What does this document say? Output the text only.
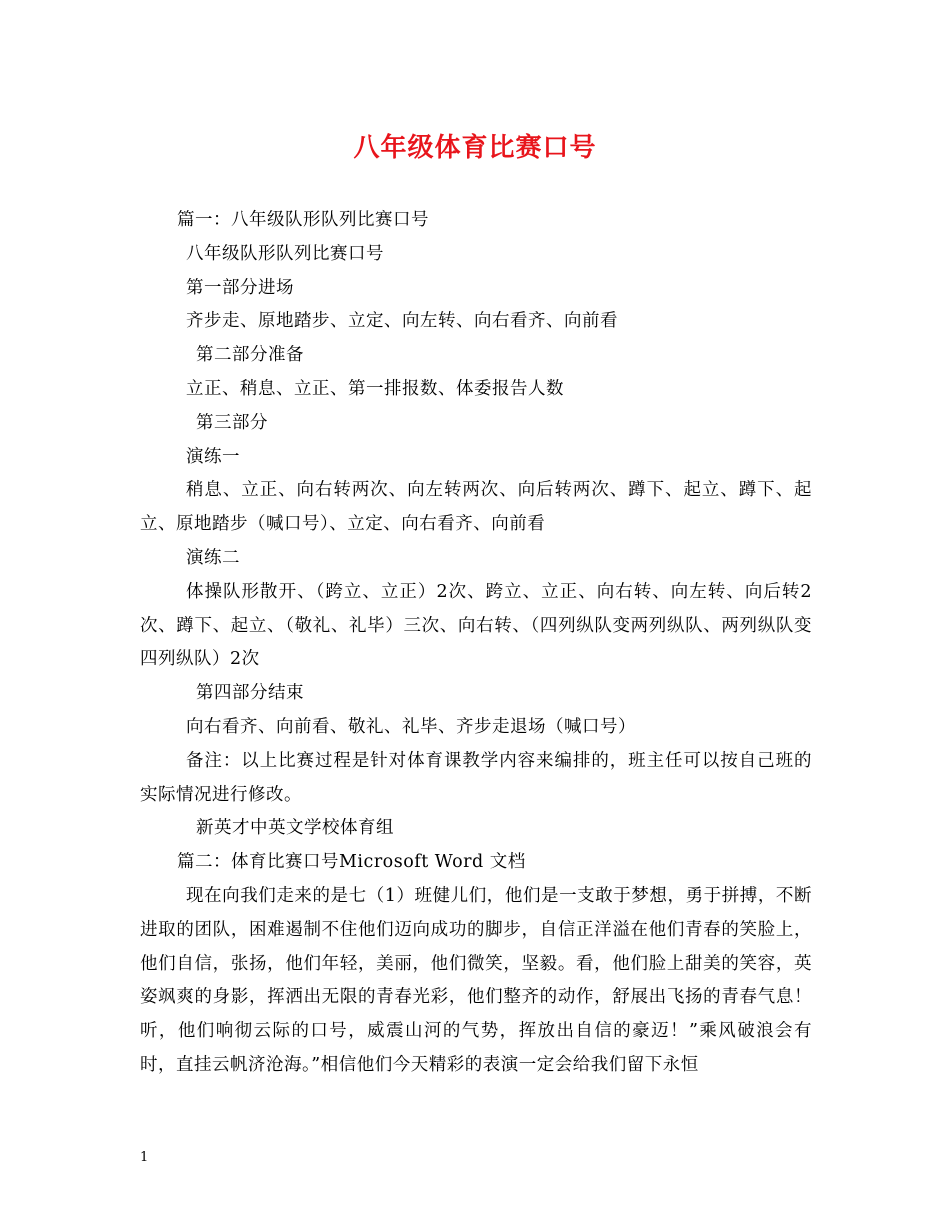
八年级体育比赛口号

篇一：八年级队形队列比赛口号

八年级队形队列比赛口号

第一部分进场

齐步走、原地踏步、立定、向左转、向右看齐、向前看

第二部分准备

立正、稍息、立正、第一排报数、体委报告人数

第三部分

演练一

稍息、立正、向右转两次、向左转两次、向后转两次、蹲下、起立、蹲下、起立、原地踏步（喊口号）、立定、向右看齐、向前看

演练二

体操队形散开、（跨立、立正）2次、跨立、立正、向右转、向左转、向后转2次、蹲下、起立、（敬礼、礼毕）三次、向右转、（四列纵队变两列纵队、两列纵队变四列纵队）2次

第四部分结束

向右看齐、向前看、敬礼、礼毕、齐步走退场（喊口号）

备注：以上比赛过程是针对体育课教学内容来编排的，班主任可以按自己班的实际情况进行修改。

新英才中英文学校体育组

篇二：体育比赛口号Microsoft Word 文档

现在向我们走来的是七（1）班健儿们，他们是一支敢于梦想，勇于拼搏，不断进取的团队，困难遏制不住他们迈向成功的脚步，自信正洋溢在他们青春的笑脸上，他们自信，张扬，他们年轻，美丽，他们微笑，坚毅。看，他们脸上甜美的笑容，英姿飒爽的身影，挥洒出无限的青春光彩，他们整齐的动作，舒展出飞扬的青春气息！听，他们响彻云际的口号，威震山河的气势，挥放出自信的豪迈！”乘风破浪会有时，直挂云帆济沧海。”相信他们今天精彩的表演一定会给我们留下永恒

1
